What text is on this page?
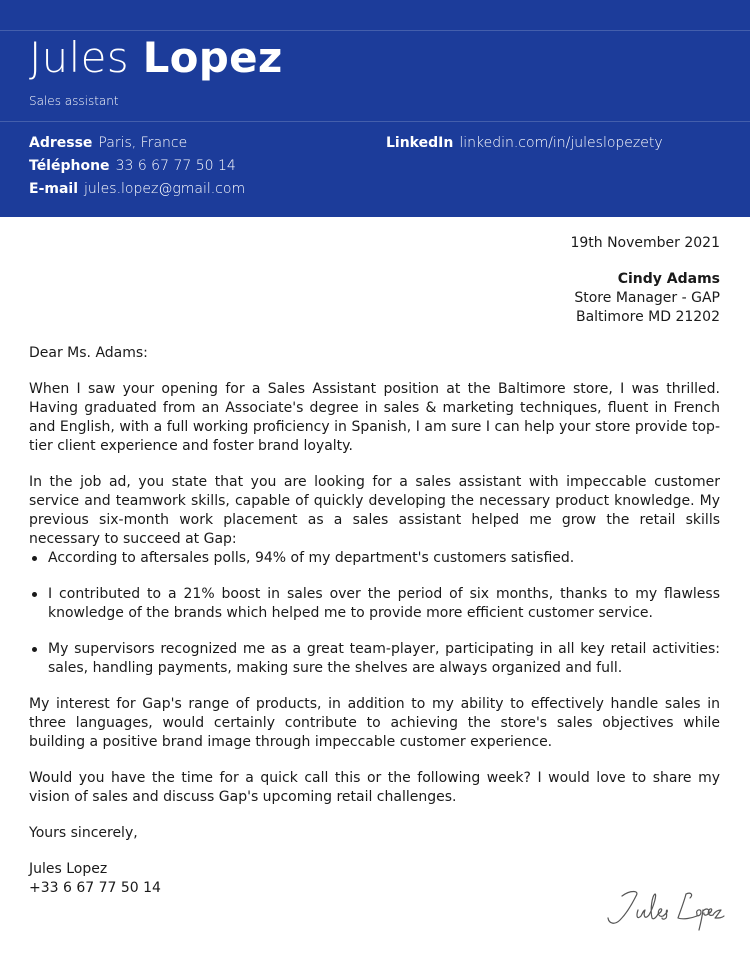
Jules Lopez
Sales assistant
Adresse Paris, France
Téléphone 33 6 67 77 50 14
E-mail jules.lopez@gmail.com
LinkedIn linkedin.com/in/juleslopezety
19th November 2021
Cindy Adams
Store Manager - GAP
Baltimore MD 21202
Dear Ms. Adams:

When I saw your opening for a Sales Assistant position at the Baltimore store, I was thrilled. Having graduated from an Associate's degree in sales & marketing techniques, fluent in French and English, with a full working proficiency in Spanish, I am sure I can help your store provide top-tier client experience and foster brand loyalty.

In the job ad, you state that you are looking for a sales assistant with impeccable customer service and teamwork skills, capable of quickly developing the necessary product knowledge. My previous six-month work placement as a sales assistant helped me grow the retail skills necessary to succeed at Gap:

According to aftersales polls, 94% of my department's customers satisfied.
I contributed to a 21% boost in sales over the period of six months, thanks to my flawless knowledge of the brands which helped me to provide more efficient customer service.
My supervisors recognized me as a great team-player, participating in all key retail activities: sales, handling payments, making sure the shelves are always organized and full.

My interest for Gap's range of products, in addition to my ability to effectively handle sales in three languages, would certainly contribute to achieving the store's sales objectives while building a positive brand image through impeccable customer experience.

Would you have the time for a quick call this or the following week? I would love to share my vision of sales and discuss Gap's upcoming retail challenges.

Yours sincerely,
Jules Lopez
+33 6 67 77 50 14
